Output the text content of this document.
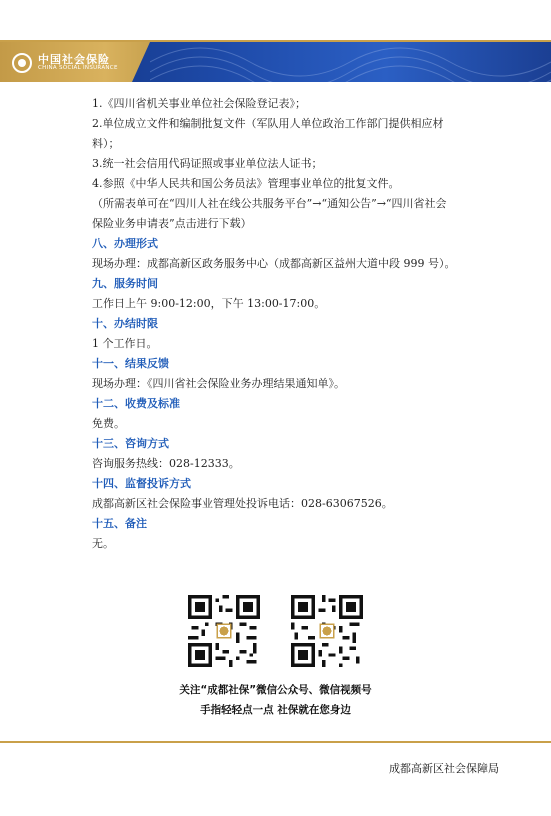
中国社会保险
CHINA SOCIAL INSURANCE

1.《四川省机关事业单位社会保险登记表》；

2.单位成立文件和编制批复文件（军队用人单位政治工作部门提供相应材

料）；

3.统一社会信用代码证照或事业单位法人证书；

4.参照《中华人民共和国公务员法》管理事业单位的批复文件。

（所需表单可在“四川人社在线公共服务平台”→“通知公告”→“四川省社会

保险业务申请表”点击进行下载）

八、办理形式

现场办理：成都高新区政务服务中心（成都高新区益州大道中段 999 号）。

九、服务时间

工作日上午 9:00-12:00，下午 13:00-17:00。

十、办结时限

1 个工作日。

十一、结果反馈

现场办理：《四川省社会保险业务办理结果通知单》。

十二、收费及标准

免费。

十三、咨询方式

咨询服务热线：028-12333。

十四、监督投诉方式

成都高新区社会保险事业管理处投诉电话：028-63067526。

十五、备注

无。

关注“成都社保”微信公众号、微信视频号
手指轻轻点一点 社保就在您身边
成都高新区社会保障局
